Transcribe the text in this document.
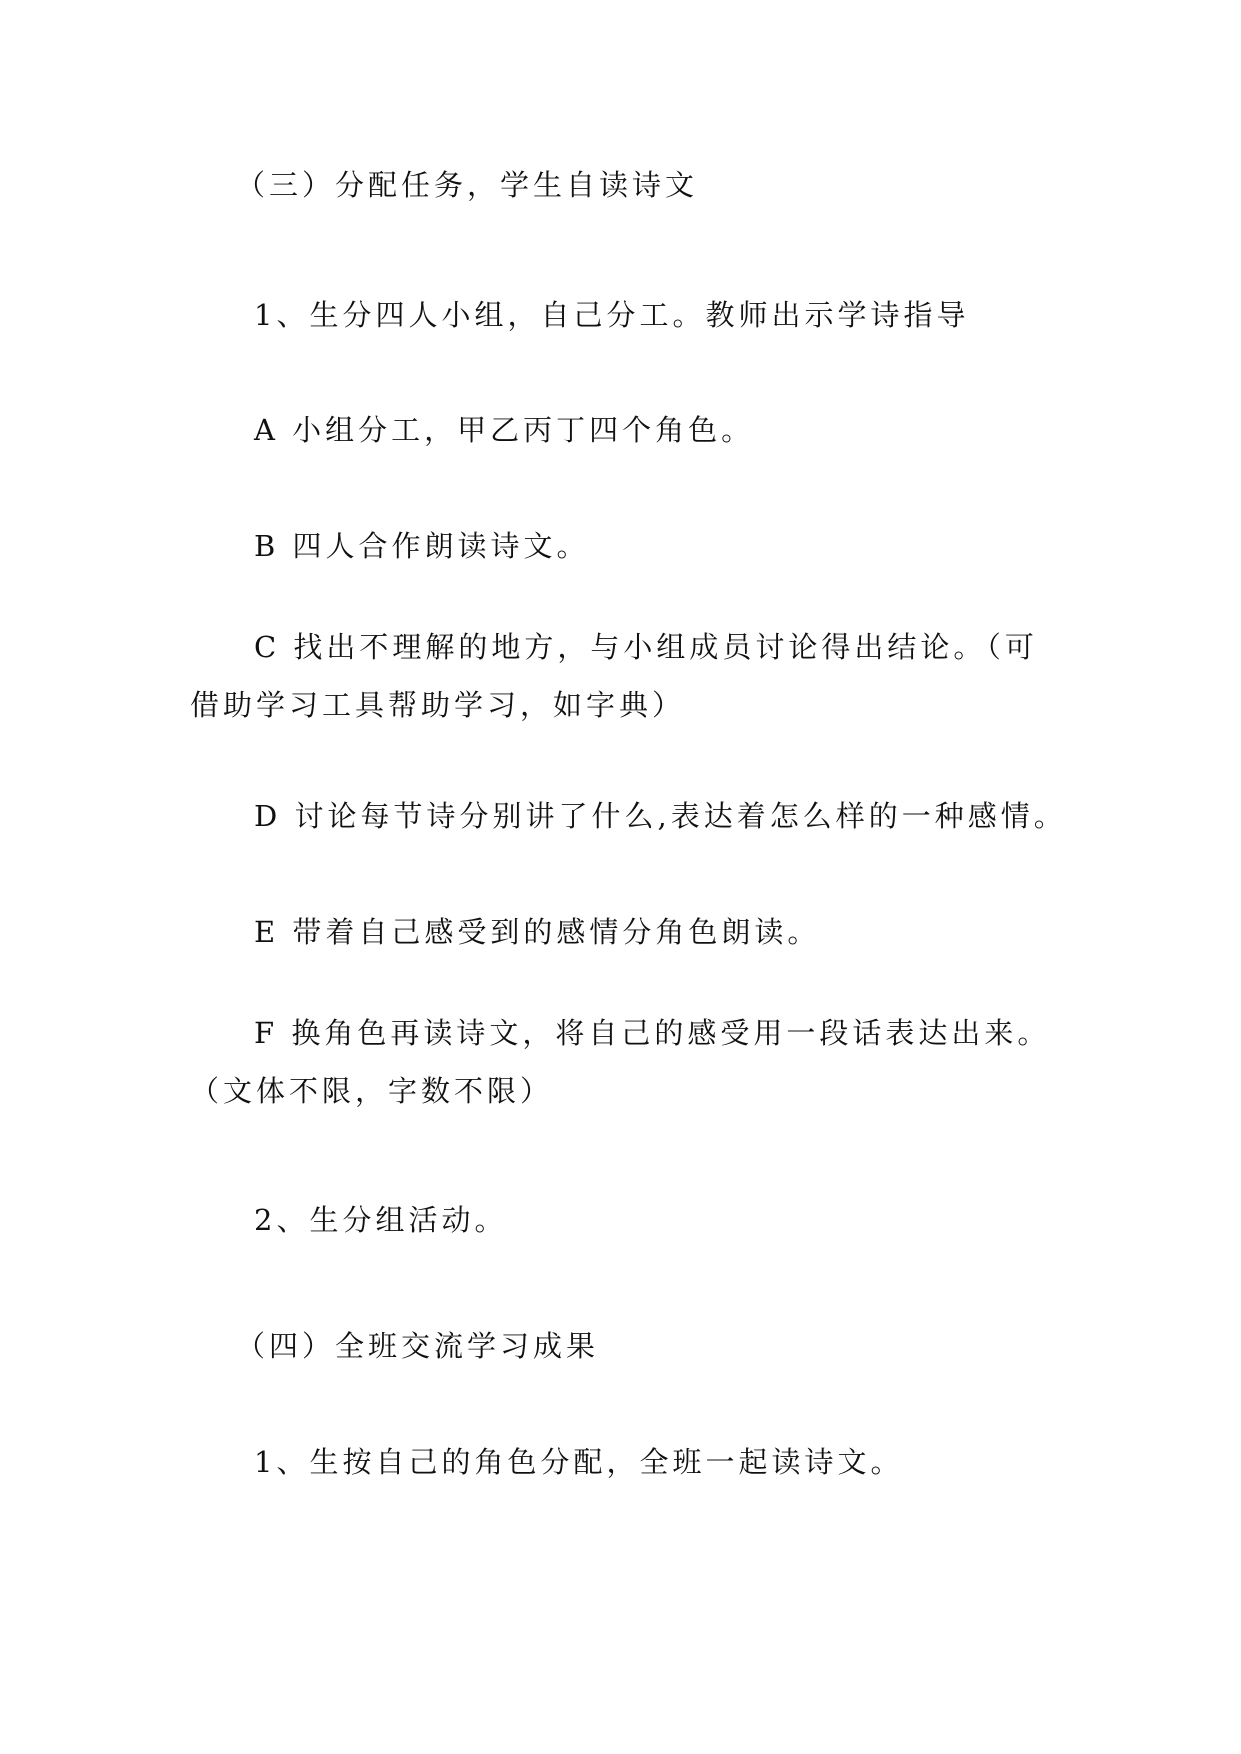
（三）分配任务，学生自读诗文
1、生分四人小组，自己分工。教师出示学诗指导
A 小组分工，甲乙丙丁四个角色。
B 四人合作朗读诗文。
C 找出不理解的地方，与小组成员讨论得出结论。（可借助学习工具帮助学习，如字典）
D 讨论每节诗分别讲了什么,表达着怎么样的一种感情。
E 带着自己感受到的感情分角色朗读。
F 换角色再读诗文，将自己的感受用一段话表达出来。（文体不限，字数不限）
2、生分组活动。
（四）全班交流学习成果
1、生按自己的角色分配，全班一起读诗文。
